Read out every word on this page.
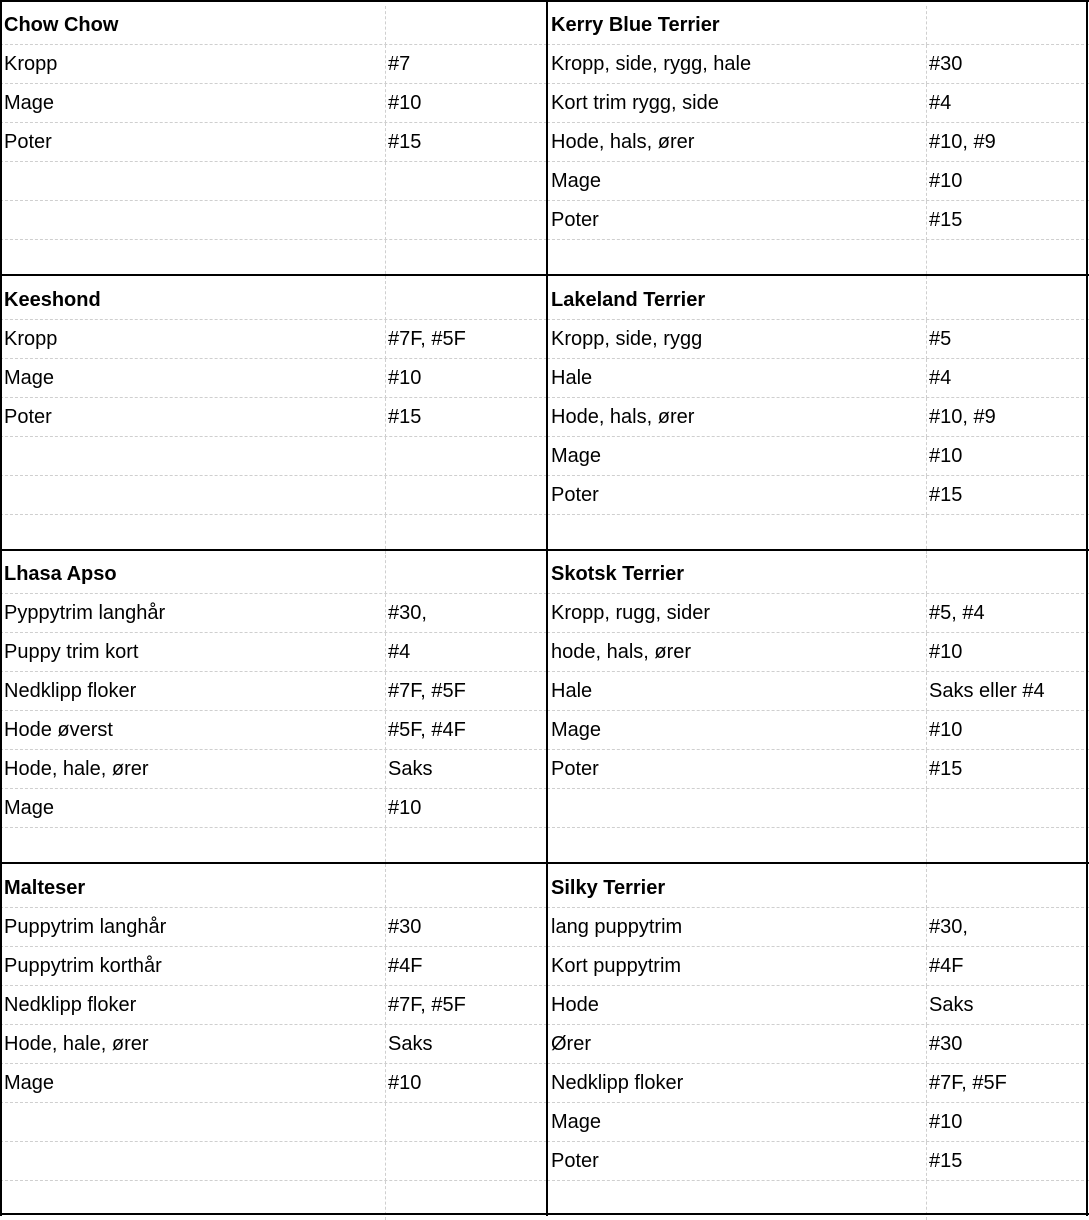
Chow Chow
Kropp	#7
Mage	#10
Poter	#15
Kerry Blue Terrier
Kropp, side, rygg, hale	#30
Kort trim rygg, side	#4
Hode, hals, ører	#10, #9
Mage	#10
Poter	#15
Keeshond
Kropp	#7F, #5F
Mage	#10
Poter	#15
Lakeland Terrier
Kropp, side, rygg	#5
Hale	#4
Hode, hals, ører	#10, #9
Mage	#10
Poter	#15
Lhasa Apso
Pyppytrim langhår	#30,
Puppy trim kort	#4
Nedklipp floker	#7F, #5F
Hode øverst	#5F, #4F
Hode, hale, ører	Saks
Mage	#10
Skotsk Terrier
Kropp, rugg, sider	#5, #4
hode, hals, ører	#10
Hale	Saks eller #4
Mage	#10
Poter	#15
Malteser
Puppytrim langhår	#30
Puppytrim korthår	#4F
Nedklipp floker	#7F, #5F
Hode, hale, ører	Saks
Mage	#10
Silky Terrier
lang puppytrim	#30,
Kort puppytrim	#4F
Hode	Saks
Ører	#30
Nedklipp floker	#7F, #5F
Mage	#10
Poter	#15
